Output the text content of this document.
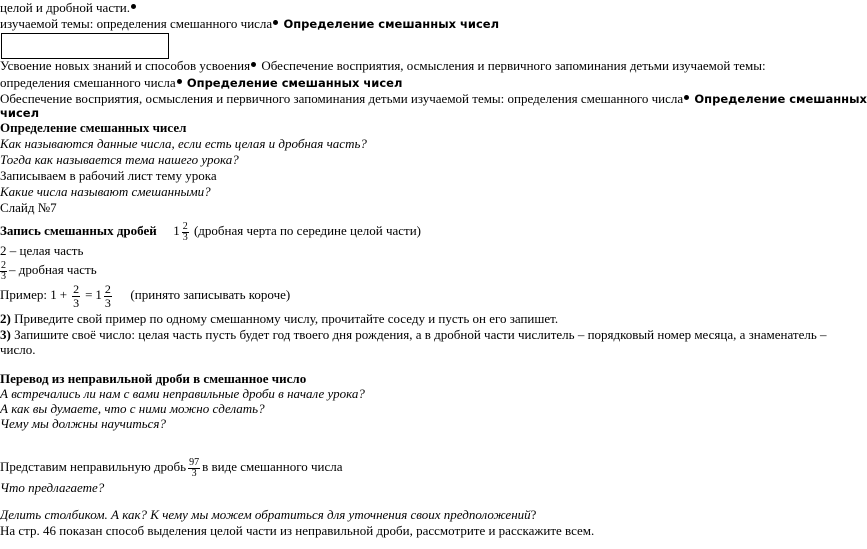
целой и дробной части.
изучаемой темы: определения смешанного числа Определение смешанных чисел
Усвоение новых знаний и способов усвоения Обеспечение восприятия, осмысления и первичного запоминания детьми изучаемой темы:
определения смешанного числа Определение смешанных чисел
Обеспечение восприятия, осмысления и первичного запоминания детьми изучаемой темы: определения смешанного числа Определение смешанных
чисел
Определение смешанных чисел
Как называются данные числа, если есть целая и дробная часть?
Тогда как называется тема нашего урока?
Записываем в рабочий лист тему урока
Какие числа называют смешанными?
Слайд №7
Запись смешанных дробей $1 \frac{2}{3}$ (дробная черта по середине целой части)
2 – целая часть
$\frac{2}{3}$ – дробная часть
Пример: $1 + \frac{2}{3} = 1 \frac{2}{3}$ (принято записывать короче)
2) Приведите свой пример по одному смешанному числу, прочитайте соседу и пусть он его запишет.
3) Запишите своё число: целая часть пусть будет год твоего дня рождения, а в дробной части числитель – порядковый номер месяца, а знаменатель –
число.
Перевод из неправильной дроби в смешанное число
А встречались ли нам с вами неправильные дроби в начале урока?
А как вы думаете, что с ними можно сделать?
Чему мы должны научиться?
Представим неправильную дробь $\frac{97}{3}$ в виде смешанного числа
Что предлагаете?
Делить столбиком. А как? К чему мы можем обратиться для уточнения своих предположений?
На стр. 46 показан способ выделения целой части из неправильной дроби, рассмотрите и расскажите всем.
